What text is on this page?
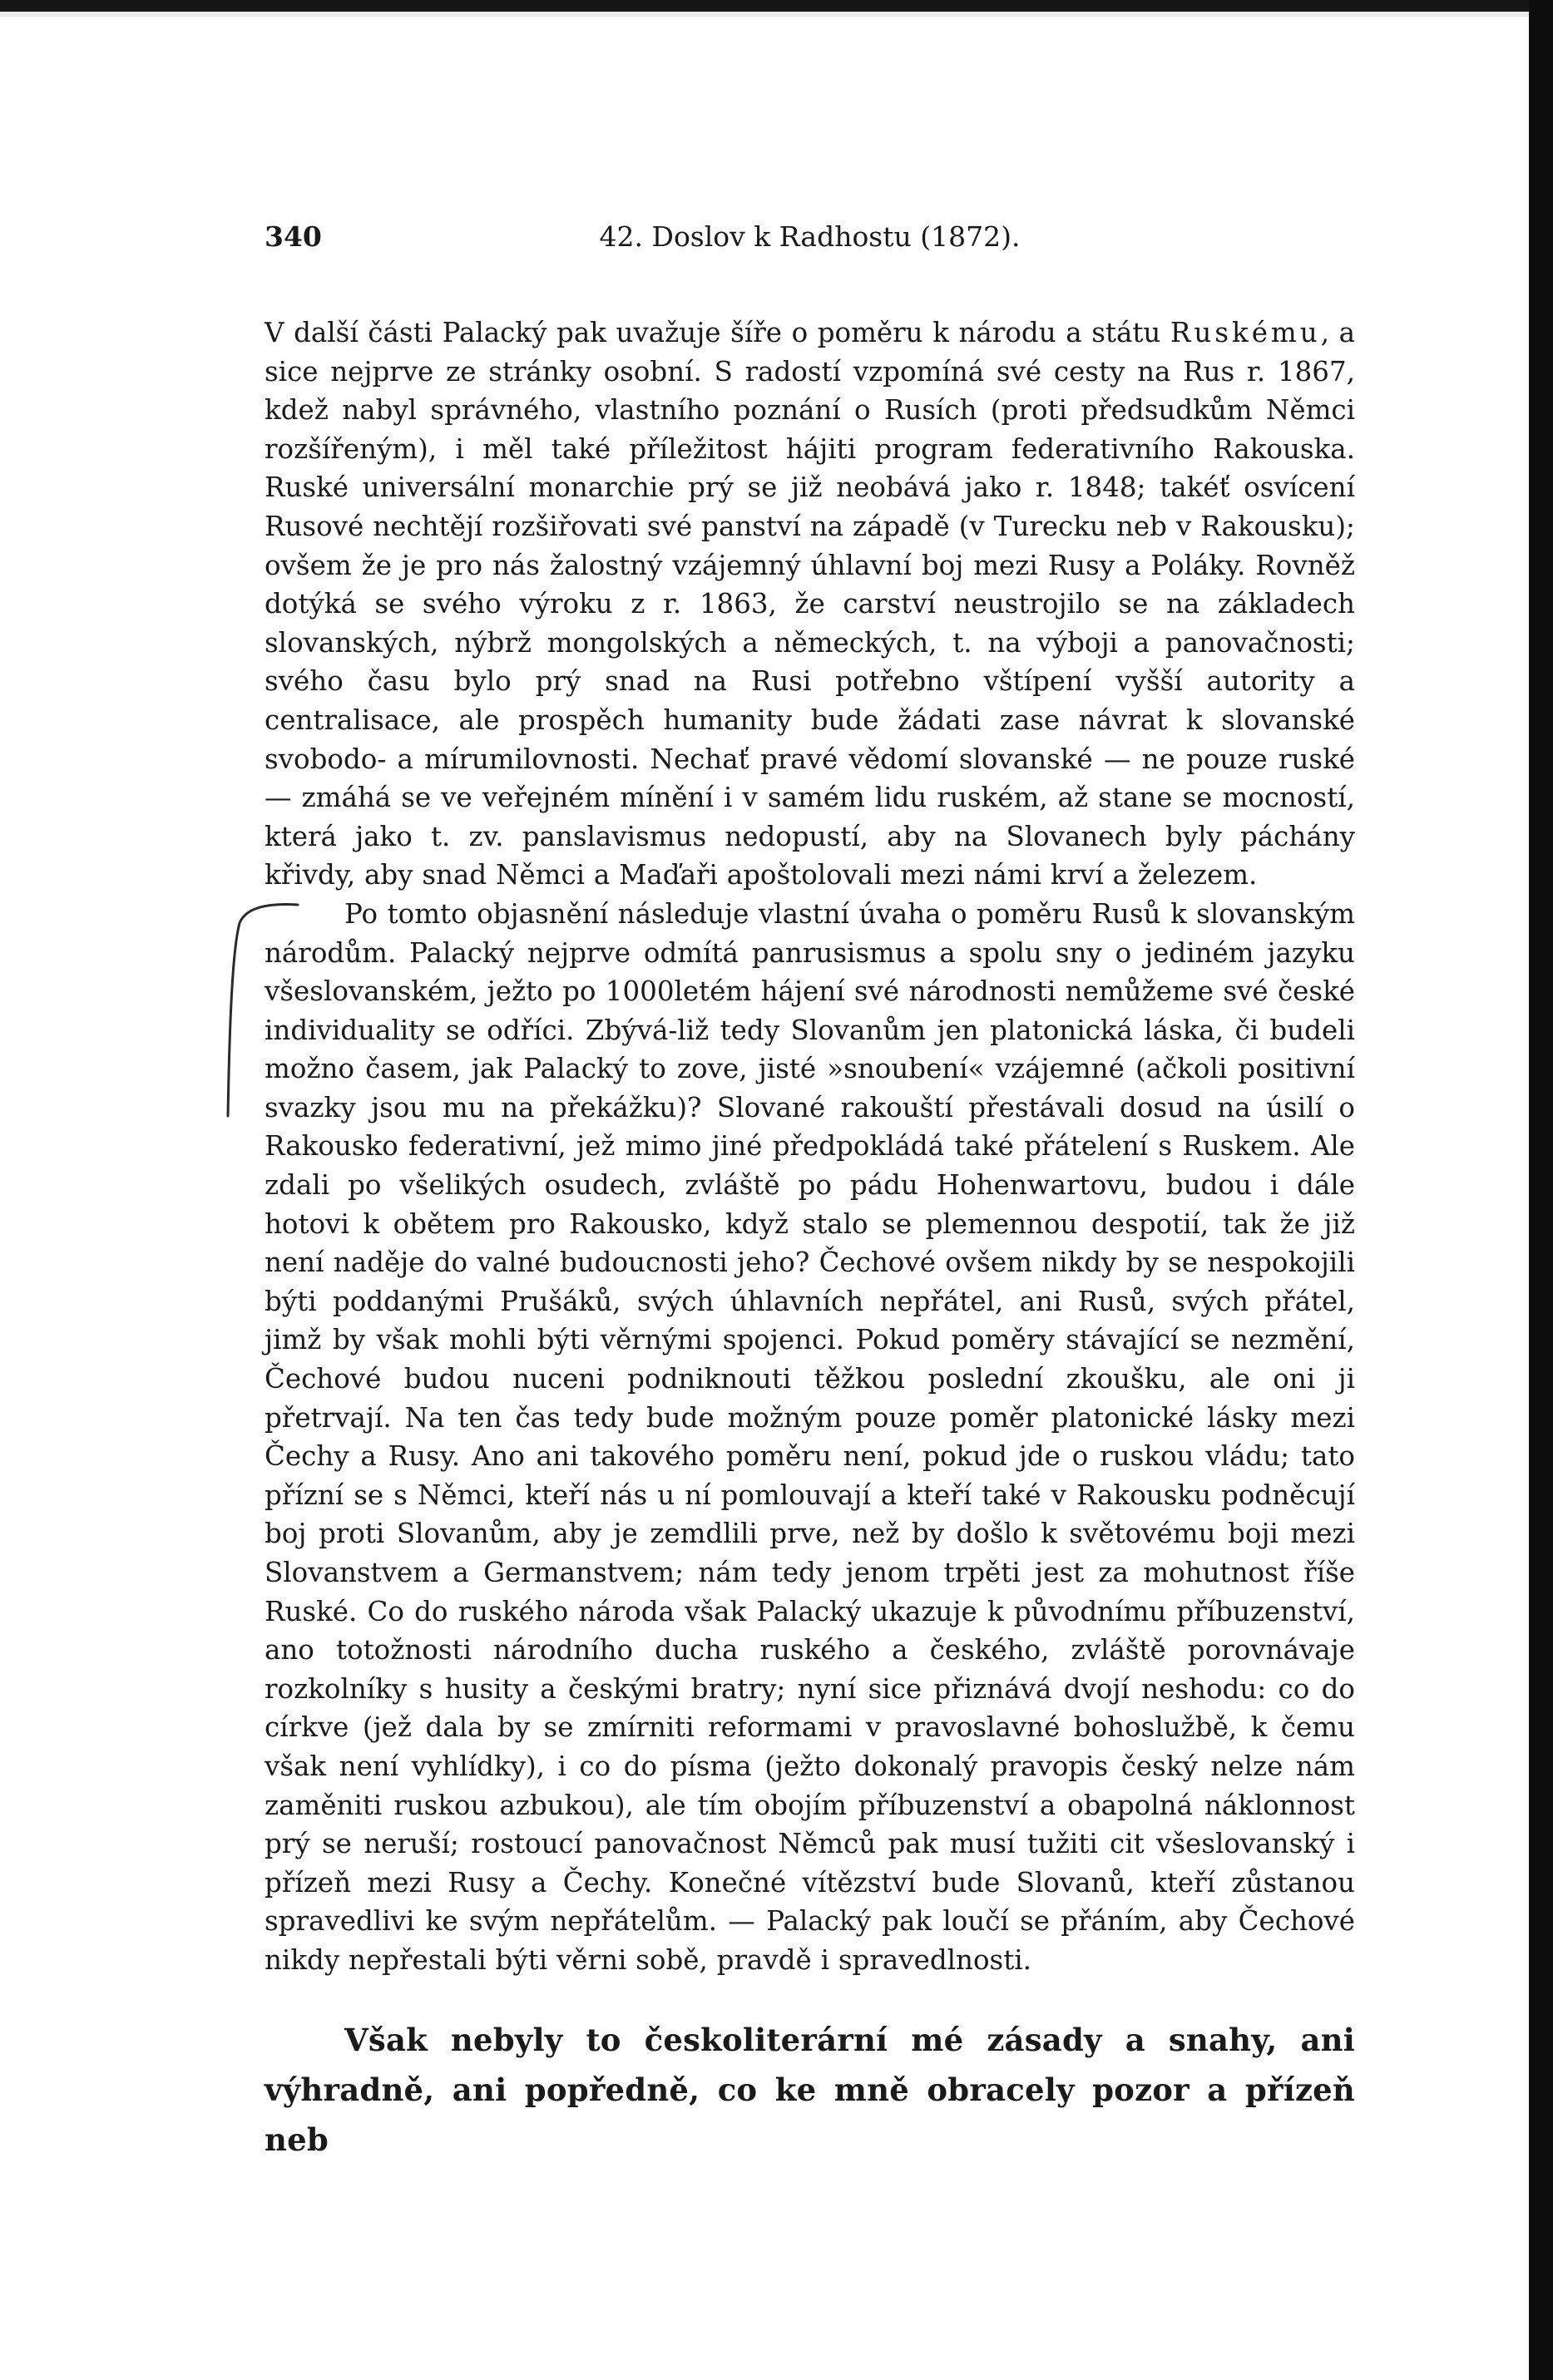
340	42. Doslov k Radhostu (1872).

V další části Palacký pak uvažuje šíře o poměru k národu a státu Ruskému, a sice nejprve ze stránky osobní. S radostí vzpomíná své cesty na Rus r. 1867, kdež nabyl správného, vlastního poznání o Rusích (proti předsudkům Němci rozšířeným), i měl také příležitost hájiti program federativního Rakouska. Ruské universální monarchie prý se již neobává jako r. 1848; takéť osvícení Rusové nechtějí rozšiřovati své panství na západě (v Turecku neb v Rakousku); ovšem že je pro nás žalostný vzájemný úhlavní boj mezi Rusy a Poláky. Rovněž dotýká se svého výroku z r. 1863, že carství neustrojilo se na základech slovanských, nýbrž mongolských a německých, t. na výboji a panovačnosti; svého času bylo prý snad na Rusi potřebno vštípení vyšší autority a centralisace, ale prospěch humanity bude žádati zase návrat k slovanské svobodo- a mírumilovnosti. Nechať pravé vědomí slovanské — ne pouze ruské — zmáhá se ve veřejném mínění i v samém lidu ruském, až stane se mocností, která jako t. zv. panslavismus nedopustí, aby na Slovanech byly páchány křivdy, aby snad Němci a Maďaři apoštolovali mezi námi krví a železem.

Po tomto objasnění následuje vlastní úvaha o poměru Rusů k slovanským národům. Palacký nejprve odmítá panrusismus a spolu sny o jediném jazyku všeslovanském, ježto po 1000letém hájení své národnosti nemůžeme své české individuality se odříci. Zbývá-liž tedy Slovanům jen platonická láska, či budeli možno časem, jak Palacký to zove, jisté »snoubení« vzájemné (ačkoli positivní svazky jsou mu na překážku)? Slované rakouští přestávali dosud na úsilí o Rakousko federativní, jež mimo jiné předpokládá také přátelení s Ruskem. Ale zdali po všelikých osudech, zvláště po pádu Hohenwartovu, budou i dále hotovi k obětem pro Rakousko, když stalo se plemennou despotií, tak že již není naděje do valné budoucnosti jeho? Čechové ovšem nikdy by se nespokojili býti poddanými Prušáků, svých úhlavních nepřátel, ani Rusů, svých přátel, jimž by však mohli býti věrnými spojenci. Pokud poměry stávající se nezmění, Čechové budou nuceni podniknouti těžkou poslední zkoušku, ale oni ji přetrvají. Na ten čas tedy bude možným pouze poměr platonické lásky mezi Čechy a Rusy. Ano ani takového poměru není, pokud jde o ruskou vládu; tato přízní se s Němci, kteří nás u ní pomlouvají a kteří také v Rakousku podněcují boj proti Slovanům, aby je zemdlili prve, než by došlo k světovému boji mezi Slovanstvem a Germanstvem; nám tedy jenom trpěti jest za mohutnost říše Ruské. Co do ruského národa však Palacký ukazuje k původnímu příbuzenství, ano totožnosti národního ducha ruského a českého, zvláště porovnávaje rozkolníky s husity a českými bratry; nyní sice přiznává dvojí neshodu: co do církve (jež dala by se zmírniti reformami v pravoslavné bohoslužbě, k čemu však není vyhlídky), i co do písma (ježto dokonalý pravopis český nelze nám zaměniti ruskou azbukou), ale tím obojím příbuzenství a obapolná náklonnost prý se neruší; rostoucí panovačnost Němců pak musí tužiti cit všeslovanský i přízeň mezi Rusy a Čechy. Konečné vítězství bude Slovanů, kteří zůstanou spravedlivi ke svým nepřátelům. — Palacký pak loučí se přáním, aby Čechové nikdy nepřestali býti věrni sobě, pravdě i spravedlnosti.

Však nebyly to českoliterární mé zásady a snahy, ani výhradně, ani popředně, co ke mně obracely pozor a přízeň neb
